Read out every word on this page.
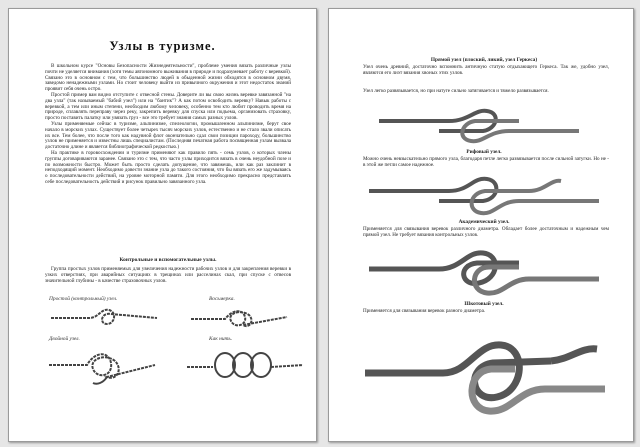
Узлы в туризме.

В школьном курсе "Основы Безопасности Жизнедеятельности", проблеме умения вязать различные узлы почти не уделяется внимания (хотя темы автономного выживания в природе и подразумевает работу с веревкой). Связано это в основном с тем, что большинство людей в обыденной жизни обходятся в основном двумя, заведомо ненадежными узлами. Но стоит человеку выйти из привычного окружения и этот недостаток знаний проявит себя очень остро.

Простой пример вам видно отступите с отвесной стены. Доверите ли вы свою жизнь веревке завязанной "на два узла" (так называемый "бабий узел") или на "бантик"? А как потом освободить веревку? Навык работы с веревкой, а тем или иным степени, необходим любому человеку, особенно тем кто любит проводить время на природе, сплавлять переправу через реку, закрепить веревку для спуска или подъема, организовать страховку, просто поставить палатку или увязать груз - все это требует знания самых разных узлов.

Узлы применяемые сейчас в туризме, альпинизме, спелеологии, промышленном альпинизме, берут свое начало в морских узлах. Существует более четырех тысяч морских узлов, естественно и не стало звали описать их все. Тем более, что после того как надувной флот окончательно сдал свои позиции пароходу, большинство узлов не применяется и известны лишь специалистам. (Последняя печатная работа посвященная узлам вызвала достаточно длине и является библиографической редкостью.)

На практике в горовосхождении и туризме применяют как правило пять - семь узлов, о которых члены группы договариваются заранее. Связано это с тем, что часто узлы приходится вязать в очень неудобной позе и по возможности быстро. Может быть просто сделать допущение, что завяжешь, или как раз заклинит в неподходящий момент. Необходимо довести знание узла до такого состояния, что бы вязать его же задумываясь о последовательности действий, на уровне моторной памяти. Для этого необходимо прекрасно представлять себе последовательность действий и рисунок правильно завязанного узла.

Контрольные и вспомогательные узлы.

Группа простых узлов применяемых для увеличения надежности рабочих узлов и для закрепления веревки в узких отверстиях, при аварийных ситуациях в трещинах или расселинах скал, при спуске с отвесов значительной глубины - в качестве страховочных узлов.

Простой (контрольный) узел.	Восьмерка.
Двойной узел.	Как нить.
Прямой узел (плоский, ликий, узел Геркеса)

Узел очень древний, достаточно вспомнить античную статую отдыхающего Геркеса. Так же, удобно узел, являются его лиэт вязания хвоных этих узлов.

Узел легко развязывается, но при натуге сильно затягивается и тяжело развязывается.

Рифовый узел.

Можно очень невзыскательно прямого узла, благодаря петле легко развязывается после сильной затугки. Но не - в этой же петли самое надежное.

Академический узел.

Применяется для связывания веревок различного диаметра. Обладает более достаточным и надежным чем прямой узел. Не требует вязания контрольных узлов.

Шкотовый узел.

Применяется для связывания веревок разного диаметра.
